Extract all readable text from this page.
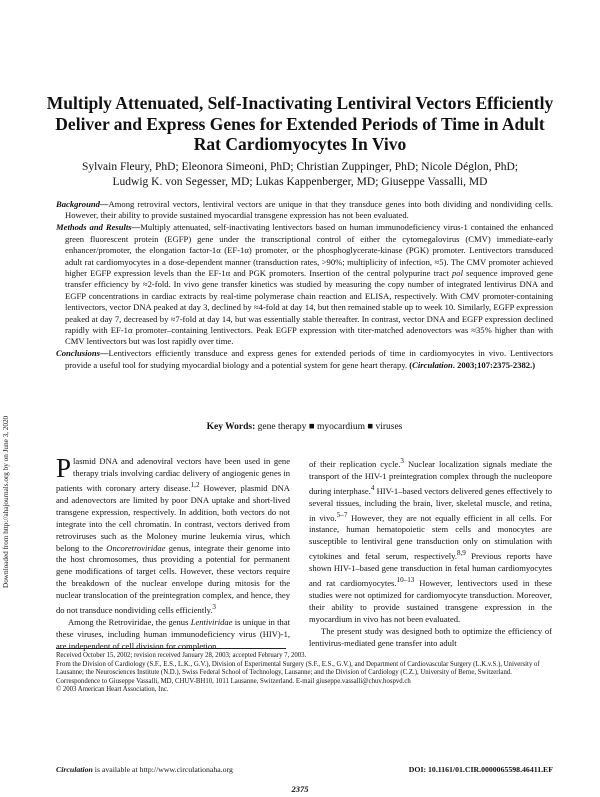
Multiply Attenuated, Self-Inactivating Lentiviral Vectors Efficiently Deliver and Express Genes for Extended Periods of Time in Adult Rat Cardiomyocytes In Vivo
Sylvain Fleury, PhD; Eleonora Simeoni, PhD; Christian Zuppinger, PhD; Nicole Déglon, PhD;
Ludwig K. von Segesser, MD; Lukas Kappenberger, MD; Giuseppe Vassalli, MD

Background—Among retroviral vectors, lentiviral vectors are unique in that they transduce genes into both dividing and nondividing cells. However, their ability to provide sustained myocardial transgene expression has not been evaluated.

Methods and Results—Multiply attenuated, self-inactivating lentivectors based on human immunodeficiency virus-1 contained the enhanced green fluorescent protein (EGFP) gene under the transcriptional control of either the cytomegalovirus (CMV) immediate-early enhancer/promoter, the elongation factor-1α (EF-1α) promoter, or the phosphoglycerate-kinase (PGK) promoter. Lentivectors transduced adult rat cardiomyocytes in a dose-dependent manner (transduction rates, >90%; multiplicity of infection, ≈5). The CMV promoter achieved higher EGFP expression levels than the EF-1α and PGK promoters. Insertion of the central polypurine tract pol sequence improved gene transfer efficiency by ≈2-fold. In vivo gene transfer kinetics was studied by measuring the copy number of integrated lentivirus DNA and EGFP concentrations in cardiac extracts by real-time polymerase chain reaction and ELISA, respectively. With CMV promoter-containing lentivectors, vector DNA peaked at day 3, declined by ≈4-fold at day 14, but then remained stable up to week 10. Similarly, EGFP expression peaked at day 7, decreased by ≈7-fold at day 14, but was essentially stable thereafter. In contrast, vector DNA and EGFP expression declined rapidly with EF-1α promoter–containing lentivectors. Peak EGFP expression with titer-matched adenovectors was ≈35% higher than with CMV lentivectors but was lost rapidly over time.

Conclusions—Lentivectors efficiently transduce and express genes for extended periods of time in cardiomyocytes in vivo. Lentivectors provide a useful tool for studying myocardial biology and a potential system for gene heart therapy. (Circulation. 2003;107:2375-2382.)

Key Words: gene therapy ■ myocardium ■ viruses
Downloaded from http://ahajournals.org by on June 3, 2020 Plasmid DNA and adenoviral vectors have been used in gene therapy trials involving cardiac delivery of angiogenic genes in patients with coronary artery disease.$^{1,2}$ However, plasmid DNA and adenovectors are limited by poor DNA uptake and short-lived transgene expression, respectively. In addition, both vectors do not integrate into the cell chromatin. In contrast, vectors derived from retroviruses such as the Moloney murine leukemia virus, which belong to the Oncoretroviridae genus, integrate their genome into the host chromosomes, thus providing a potential for permanent gene modifications of target cells. However, these vectors require the breakdown of the nuclear envelope during mitosis for the nuclear translocation of the preintegration complex, and hence, they do not transduce nondividing cells efficiently.$^3$

Among the Retroviridae, the genus Lentiviridae is unique in that these viruses, including human immunodeficiency virus (HIV)-1, are independent of cell division for completion

of their replication cycle.$^3$ Nuclear localization signals mediate the transport of the HIV-1 preintegration complex through the nucleopore during interphase.$^4$ HIV-1–based vectors delivered genes effectively to several tissues, including the brain, liver, skeletal muscle, and retina, in vivo.$^{5-7}$ However, they are not equally efficient in all cells. For instance, human hematopoietic stem cells and monocytes are susceptible to lentiviral gene transduction only on stimulation with cytokines and fetal serum, respectively.$^{8,9}$ Previous reports have shown HIV-1–based gene transduction in fetal human cardiomyocytes and rat cardiomyocytes.$^{10-13}$ However, lentivectors used in these studies were not optimized for cardiomyocyte transduction. Moreover, their ability to provide sustained transgene expression in the myocardium in vivo has not been evaluated.

The present study was designed both to optimize the efficiency of lentivirus-mediated gene transfer into adult

Received October 15, 2002; revision received January 28, 2003; accepted February 7, 2003.

From the Division of Cardiology (S.F., E.S., L.K., G.V.), Division of Experimental Surgery (S.F., E.S., G.V.), and Department of Cardiovascular Surgery (L.K.v.S.), University of Lausanne; the Neurosciences Institute (N.D.), Swiss Federal School of Technology, Lausanne; and the Division of Cardiology (C.Z.), University of Berne, Switzerland.

Correspondence to Giuseppe Vassalli, MD, CHUV-BH10, 1011 Lausanne, Switzerland. E-mail giuseppe.vassalli@chuv.hospvd.ch

© 2003 American Heart Association, Inc.

Circulation is available at http://www.circulationaha.org	DOI: 10.1161/01.CIR.0000065598.46411.EF
2375
